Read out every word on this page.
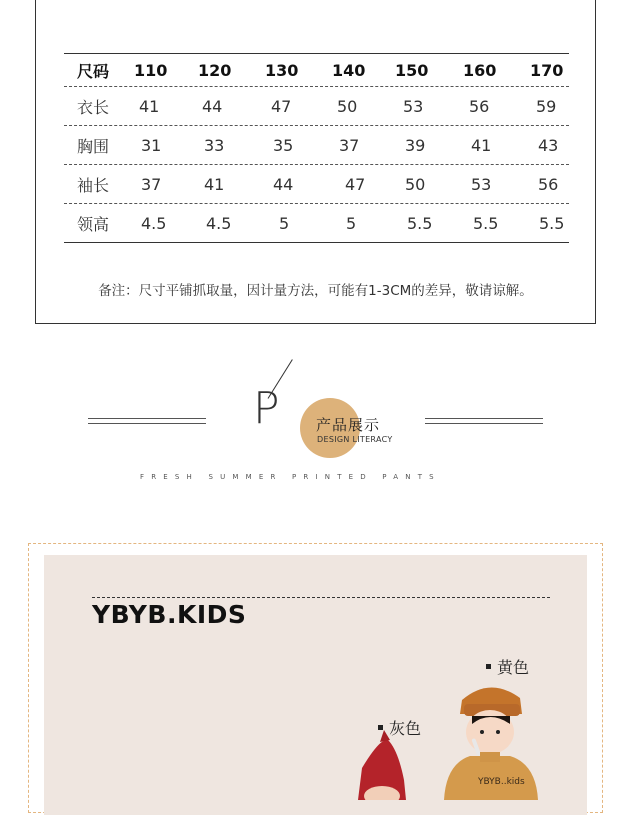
尺码	110 120 130 140 150 160 170
衣长	41	44	47	50	53	56	59
胸围	31	33	35	37	39	41	43
袖长	37	41	44	47 50	53	56
领高	4.5 4.5	5	5	5.5	5.5	5.5
备注：尺寸平铺抓取量，因计量方法，可能有1-3CM的差异，敬请谅解。
P 产品展示
DESIGN LITERACY
FRESH SUMMER PRINTED PANTS
YBYB.KIDS
黄色
灰色
YBYB..kids
